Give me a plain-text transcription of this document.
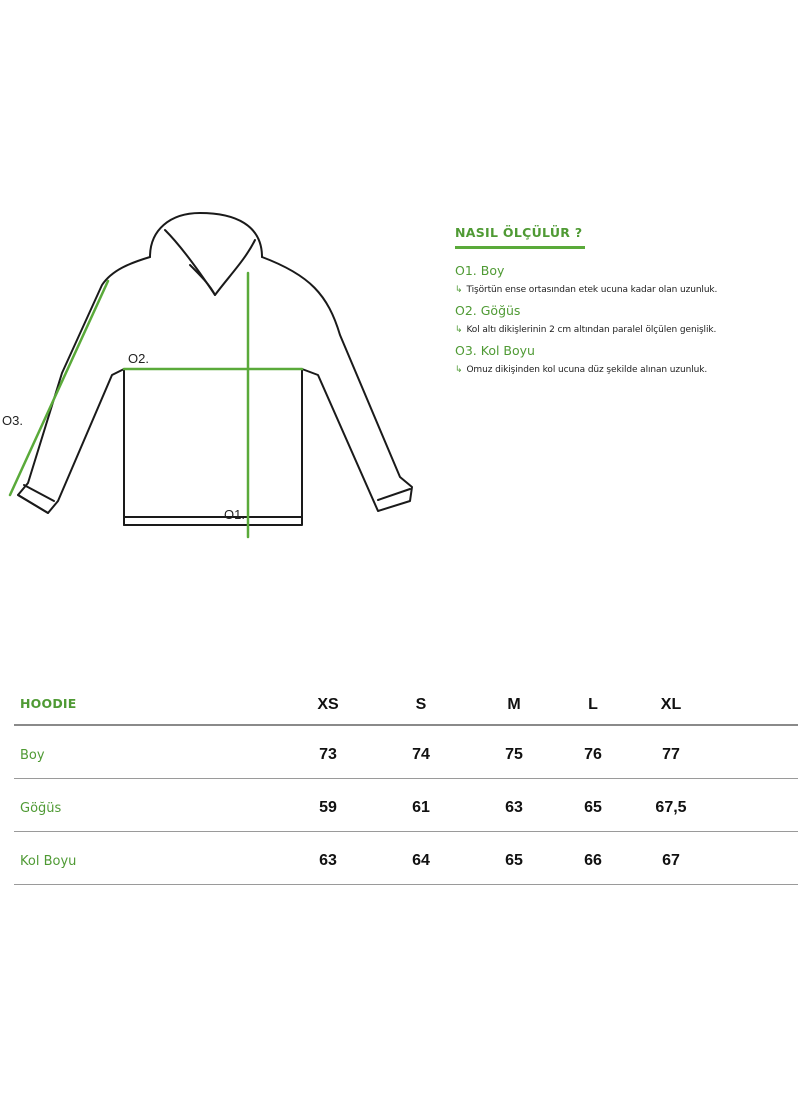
O1.
O2.
O3.
NASIL ÖLÇÜLÜR ?
O1. Boy
↳ Tişörtün ense ortasından etek ucuna kadar olan uzunluk.
O2. Göğüs
↳ Kol altı dikişlerinin 2 cm altından paralel ölçülen genişlik.
O3. Kol Boyu
↳ Omuz dikişinden kol ucuna düz şekilde alınan uzunluk.
HOODIE	XS	S	M	L	XL
Boy	73	74	75	76	77
Göğüs	59	61	63	65	67,5
Kol Boyu	63	64	65	66	67
